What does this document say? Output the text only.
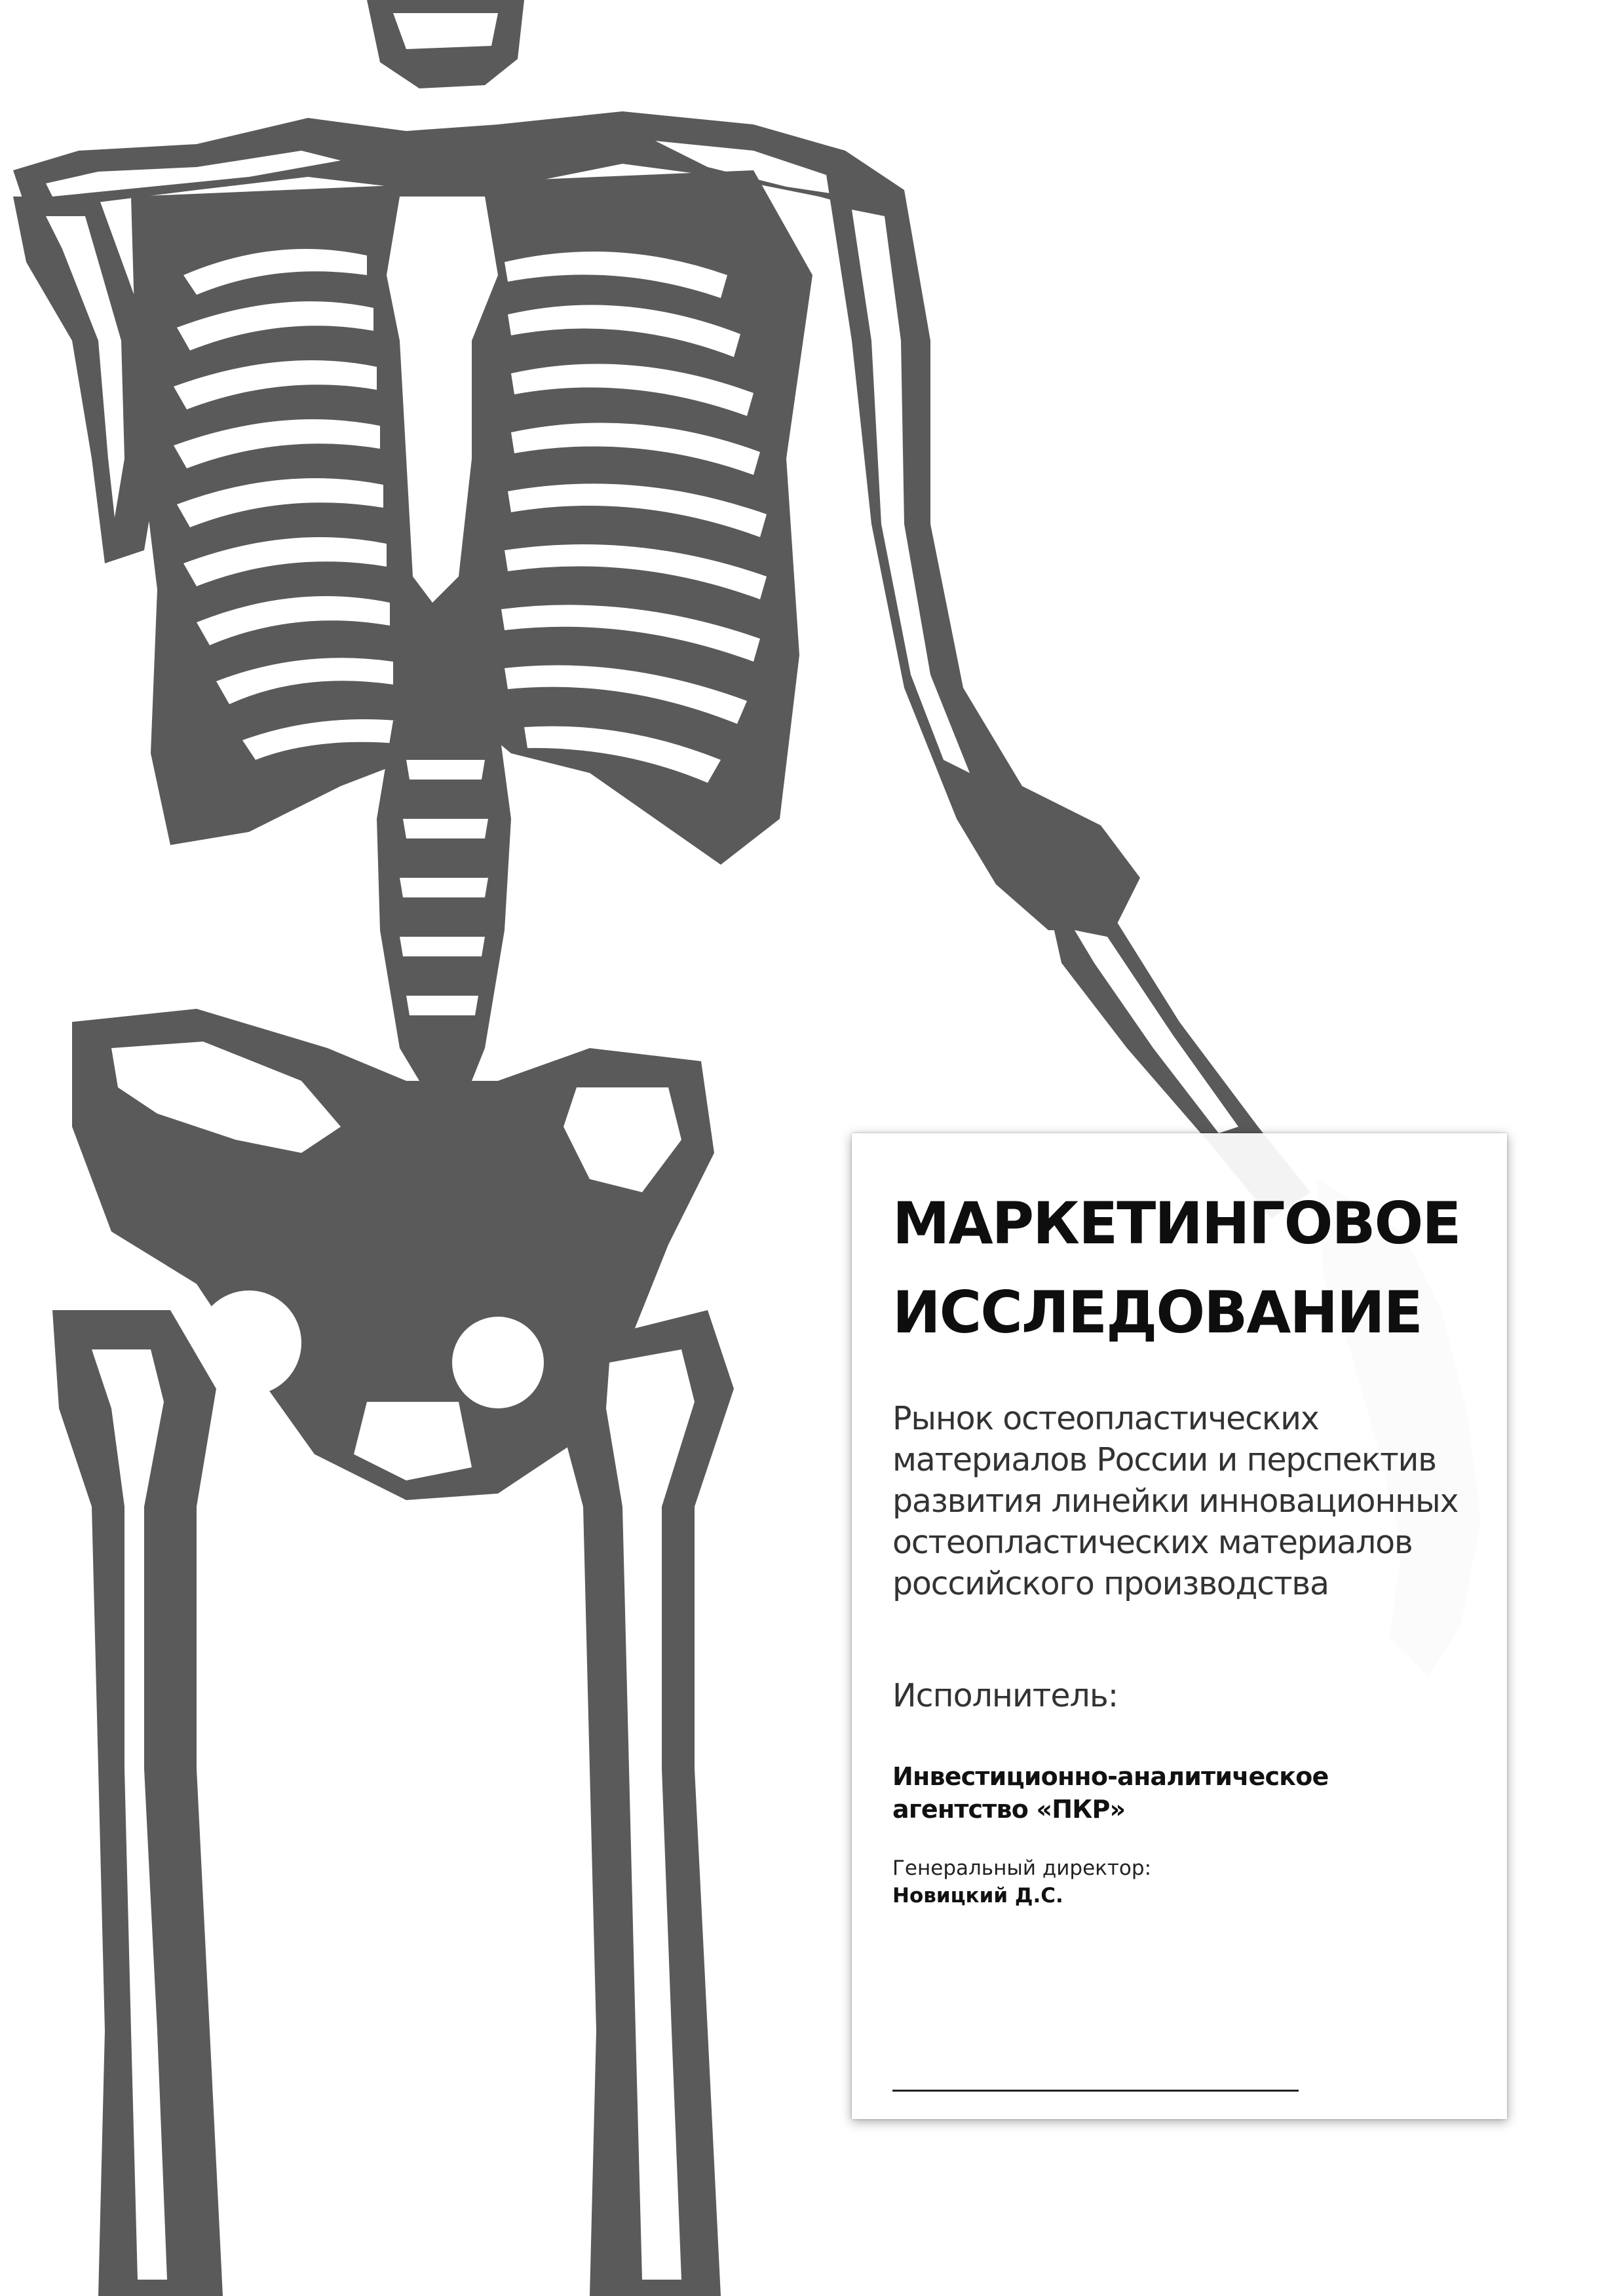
МАРКЕТИНГОВОЕ ИССЛЕДОВАНИЕ
Рынок остеопластических материалов России и перспектив развития линейки инновационных остеопластических материалов российского производства
Исполнитель:
Инвестиционно-аналитическое агентство «ПКР»
Генеральный директор:
Новицкий Д.С.
